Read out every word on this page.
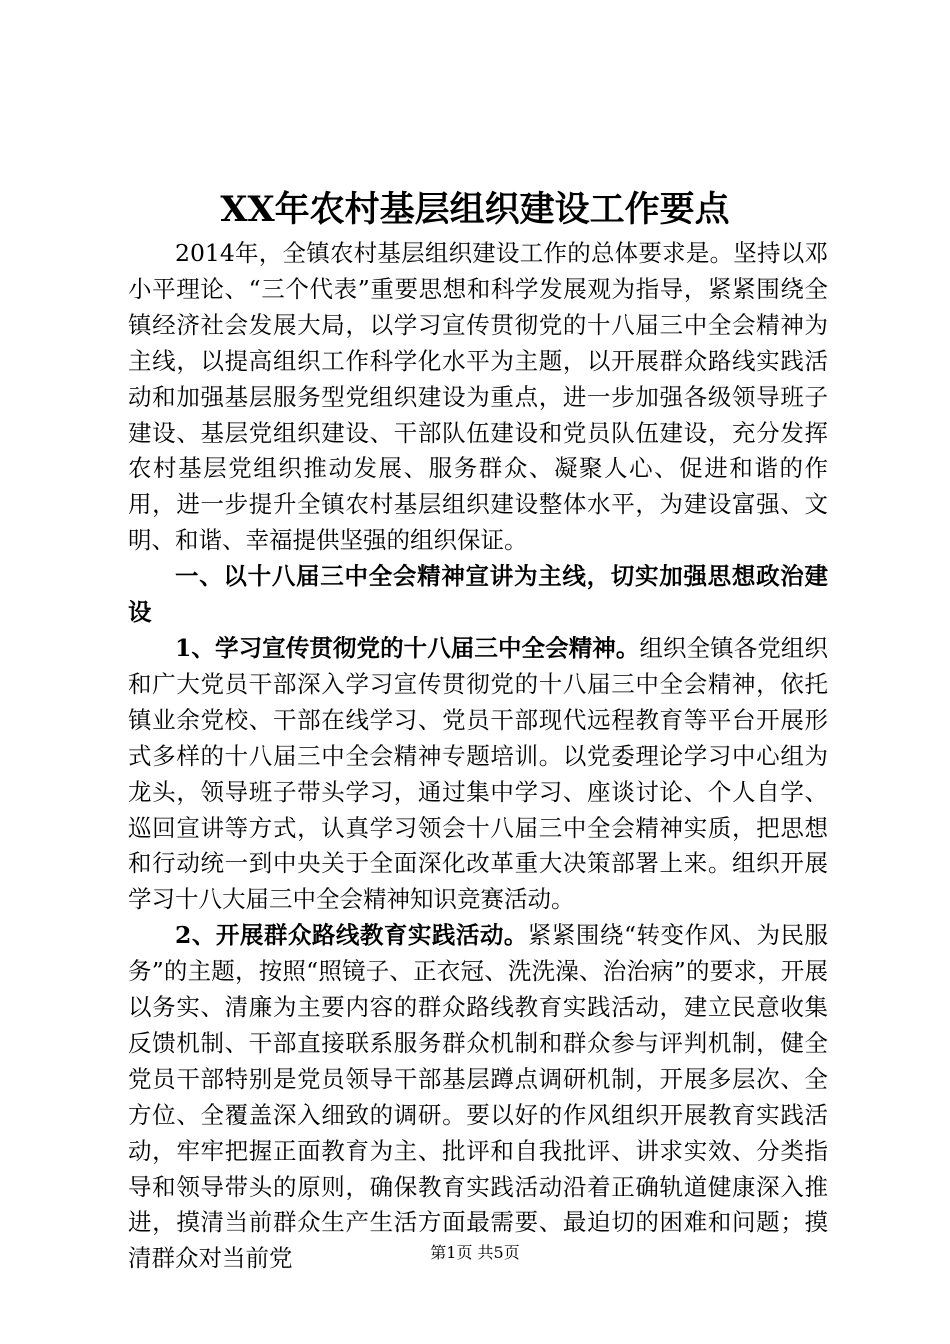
XX年农村基层组织建设工作要点

2014年，全镇农村基层组织建设工作的总体要求是。坚持以邓小平理论、“三个代表”重要思想和科学发展观为指导，紧紧围绕全镇经济社会发展大局，以学习宣传贯彻党的十八届三中全会精神为主线，以提高组织工作科学化水平为主题，以开展群众路线实践活动和加强基层服务型党组织建设为重点，进一步加强各级领导班子建设、基层党组织建设、干部队伍建设和党员队伍建设，充分发挥农村基层党组织推动发展、服务群众、凝聚人心、促进和谐的作用，进一步提升全镇农村基层组织建设整体水平，为建设富强、文明、和谐、幸福提供坚强的组织保证。

一、以十八届三中全会精神宣讲为主线，切实加强思想政治建设

1、学习宣传贯彻党的十八届三中全会精神。组织全镇各党组织和广大党员干部深入学习宣传贯彻党的十八届三中全会精神，依托镇业余党校、干部在线学习、党员干部现代远程教育等平台开展形式多样的十八届三中全会精神专题培训。以党委理论学习中心组为龙头，领导班子带头学习，通过集中学习、座谈讨论、个人自学、巡回宣讲等方式，认真学习领会十八届三中全会精神实质，把思想和行动统一到中央关于全面深化改革重大决策部署上来。组织开展学习十八大届三中全会精神知识竞赛活动。

2、开展群众路线教育实践活动。紧紧围绕“转变作风、为民服务”的主题，按照“照镜子、正衣冠、洗洗澡、治治病”的要求，开展以务实、清廉为主要内容的群众路线教育实践活动，建立民意收集反馈机制、干部直接联系服务群众机制和群众参与评判机制，健全党员干部特别是党员领导干部基层蹲点调研机制，开展多层次、全方位、全覆盖深入细致的调研。要以好的作风组织开展教育实践活动，牢牢把握正面教育为主、批评和自我批评、讲求实效、分类指导和领导带头的原则，确保教育实践活动沿着正确轨道健康深入推进，摸清当前群众生产生活方面最需要、最迫切的困难和问题；摸清群众对当前党	第1页 共5页
